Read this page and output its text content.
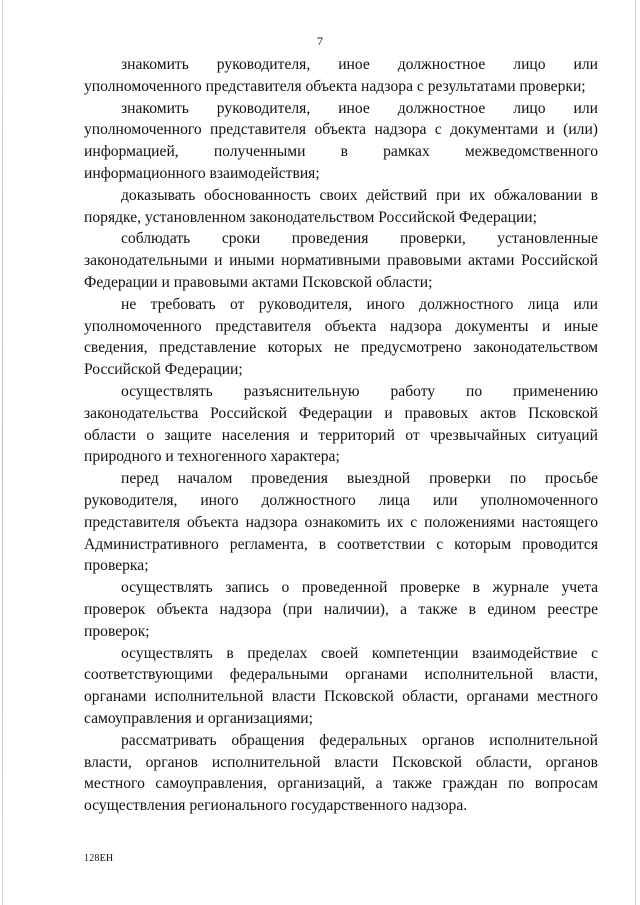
7

знакомить руководителя, иное должностное лицо или уполномоченного представителя объекта надзора с результатами проверки;

знакомить руководителя, иное должностное лицо или уполномоченного представителя объекта надзора с документами и (или) информацией, полученными в рамках межведомственного информационного взаимодействия;

доказывать обоснованность своих действий при их обжаловании в порядке, установленном законодательством Российской Федерации;

соблюдать сроки проведения проверки, установленные законодательными и иными нормативными правовыми актами Российской Федерации и правовыми актами Псковской области;

не требовать от руководителя, иного должностного лица или уполномоченного представителя объекта надзора документы и иные сведения, представление которых не предусмотрено законодательством Российской Федерации;

осуществлять разъяснительную работу по применению законодательства Российской Федерации и правовых актов Псковской области о защите населения и территорий от чрезвычайных ситуаций природного и техногенного характера;

перед началом проведения выездной проверки по просьбе руководителя, иного должностного лица или уполномоченного представителя объекта надзора ознакомить их с положениями настоящего Административного регламента, в соответствии с которым проводится проверка;

осуществлять запись о проведенной проверке в журнале учета проверок объекта надзора (при наличии), а также в едином реестре проверок;

осуществлять в пределах своей компетенции взаимодействие с соответствующими федеральными органами исполнительной власти, органами исполнительной власти Псковской области, органами местного самоуправления и организациями;

рассматривать обращения федеральных органов исполнительной власти, органов исполнительной власти Псковской области, органов местного самоуправления, организаций, а также граждан по вопросам осуществления регионального государственного надзора.

128ЕН
